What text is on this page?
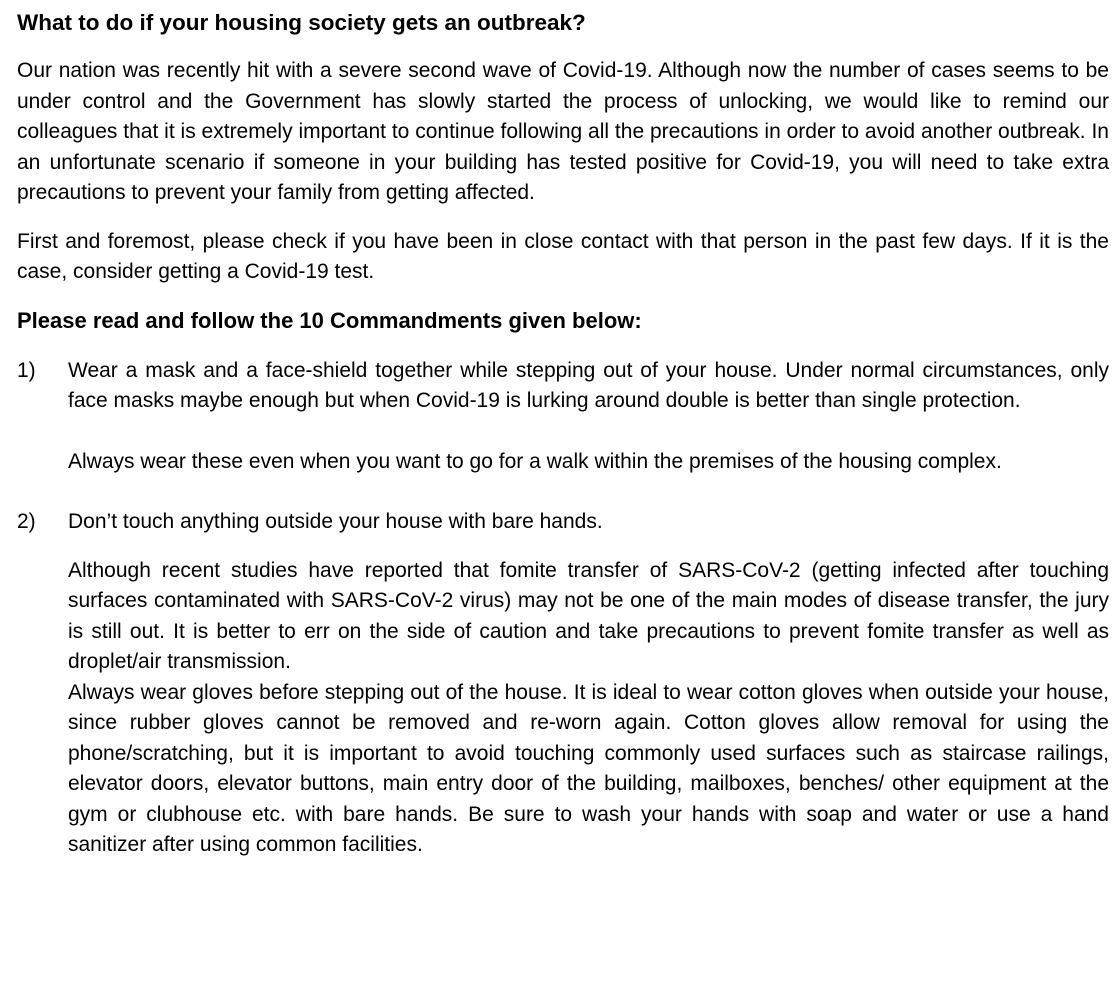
What to do if your housing society gets an outbreak?

Our nation was recently hit with a severe second wave of Covid-19. Although now the number of cases seems to be under control and the Government has slowly started the process of unlocking, we would like to remind our colleagues that it is extremely important to continue following all the precautions in order to avoid another outbreak. In an unfortunate scenario if someone in your building has tested positive for Covid-19, you will need to take extra precautions to prevent your family from getting affected.

First and foremost, please check if you have been in close contact with that person in the past few days. If it is the case, consider getting a Covid-19 test.

Please read and follow the 10 Commandments given below:
1) Wear a mask and a face-shield together while stepping out of your house. Under normal circumstances, only face masks maybe enough but when Covid-19 is lurking around double is better than single protection.

Always wear these even when you want to go for a walk within the premises of the housing complex.

2) Don’t touch anything outside your house with bare hands.

Although recent studies have reported that fomite transfer of SARS-CoV-2 (getting infected after touching surfaces contaminated with SARS-CoV-2 virus) may not be one of the main modes of disease transfer, the jury is still out. It is better to err on the side of caution and take precautions to prevent fomite transfer as well as droplet/air transmission.

Always wear gloves before stepping out of the house. It is ideal to wear cotton gloves when outside your house, since rubber gloves cannot be removed and re-worn again. Cotton gloves allow removal for using the phone/scratching, but it is important to avoid touching commonly used surfaces such as staircase railings, elevator doors, elevator buttons, main entry door of the building, mailboxes, benches/ other equipment at the gym or clubhouse etc. with bare hands. Be sure to wash your hands with soap and water or use a hand sanitizer after using common facilities.
